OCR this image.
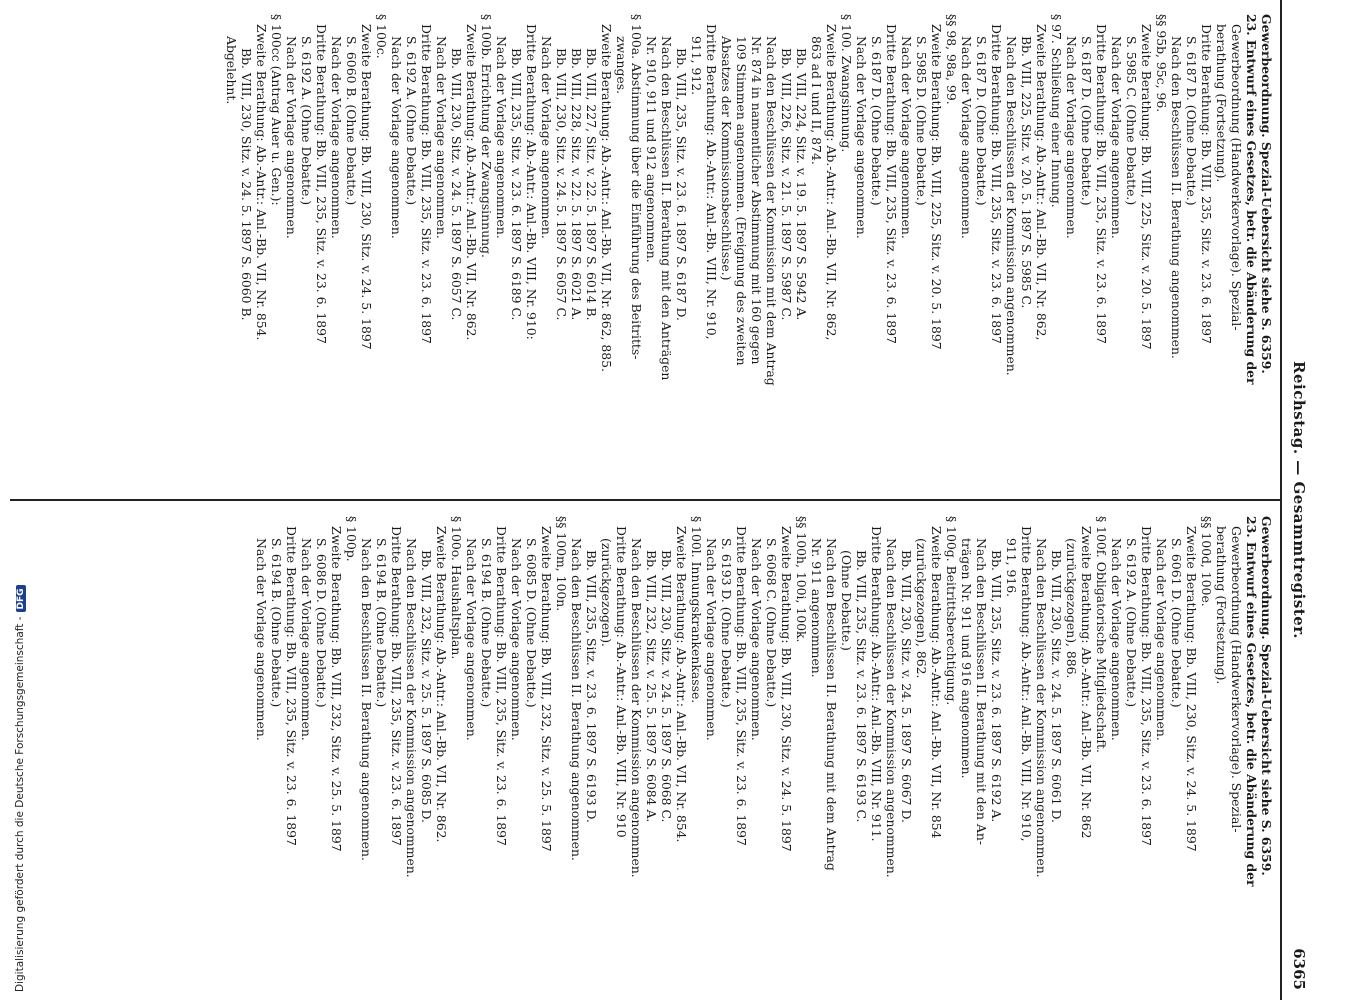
Reichstag. — Gesammtregister.
6365
Gewerbeordnung. Spezial-Uebersicht siehe S. 6359.
23. Entwurf eines Gesetzes, betr. die Abänderung der
Gewerbeordnung (Handwerkervorlage). Spezial-
berathung (Fortsetzung).
Dritte Berathung: Bb. VIII, 235, Sitz. v. 23. 6. 1897
S. 6187 D. (Ohne Debatte.)
Nach den Beschlüssen II. Berathung angenommen.
§§ 95b, 95c, 96.
Zweite Berathung: Bb. VIII, 225, Sitz. v. 20. 5. 1897
S. 5985 C. (Ohne Debatte.)
Nach der Vorlage angenommen.
Dritte Berathung: Bb. VIII, 235, Sitz. v. 23. 6. 1897
S. 6187 D. (Ohne Debatte.)
Nach der Vorlage angenommen.
§ 97. Schließung einer Innung.
Zweite Berathung: Ab.-Antr.: Anl.-Bb. VII, Nr. 862,
Bb. VIII, 225, Sitz. v. 20. 5. 1897 S. 5985 C.
Nach den Beschlüssen der Kommission angenommen.
Dritte Berathung: Bb. VIII, 235, Sitz. v. 23. 6. 1897
S. 6187 D. (Ohne Debatte.)
Nach der Vorlage angenommen.
§§ 98, 98a, 99.
Zweite Berathung: Bb. VIII, 225, Sitz. v. 20. 5. 1897
S. 5985 D. (Ohne Debatte.)
Nach der Vorlage angenommen.
Dritte Berathung: Bb. VIII, 235, Sitz. v. 23. 6. 1897
S. 6187 D. (Ohne Debatte.)
Nach der Vorlage angenommen.
§ 100. Zwangsinnung.
Zweite Berathung: Ab.-Antr.: Anl.-Bb. VII, Nr. 862,
863 ad I und II, 874.
Bb. VIII, 224, Sitz. v. 19. 5. 1897 S. 5942 A.
Bb. VIII, 226, Sitz. v. 21. 5. 1897 S. 5987 C.
Nach den Beschlüssen der Kommission mit dem Antrag
Nr. 874 in namentlicher Abstimmung mit 160 gegen
109 Stimmen angenommen. (Ereignung des zweiten
Absatzes der Kommissionsbeschlüsse.)
Dritte Berathung: Ab.-Antr.: Anl.-Bb. VIII, Nr. 910,
911, 912.
Bb. VIII, 235, Sitz. v. 23. 6. 1897 S. 6187 D.
Nach den Beschlüssen II. Berathung mit den Anträgen
Nr. 910, 911 und 912 angenommen.
§ 100a. Abstimmung über die Einführung des Beitritts-
zwanges.
Zweite Berathung: Ab.-Antr.: Anl.-Bb. VII, Nr. 862, 885.
Bb. VIII, 227, Sitz. v. 22. 5. 1897 S. 6014 B.
Bb. VIII, 228, Sitz. v. 22. 5. 1897 S. 6021 A.
Bb. VIII, 230, Sitz. v. 24. 5. 1897 S. 6057 C.
Nach der Vorlage angenommen.
Dritte Berathung: Ab.-Antr.: Anl.-Bb. VIII, Nr. 910:
Bb. VIII, 235, Sitz. v. 23. 6. 1897 S. 6189 C.
Nach der Vorlage angenommen.
§ 100b. Errichtung der Zwangsinnung.
Zweite Berathung: Ab.-Antr.: Anl.-Bb. VII, Nr. 862.
Bb. VIII, 230, Sitz. v. 24. 5. 1897 S. 6057 C.
Nach der Vorlage angenommen.
Dritte Berathung: Bb. VIII, 235, Sitz. v. 23. 6. 1897
S. 6192 A. (Ohne Debatte.)
Nach der Vorlage angenommen.
§ 100c.
Zweite Berathung: Bb. VIII, 230, Sitz. v. 24. 5. 1897
S. 6060 B. (Ohne Debatte.)
Nach der Vorlage angenommen.
Dritte Berathung: Bb. VIII, 235, Sitz. v. 23. 6. 1897
S. 6192 A. (Ohne Debatte.)
Nach der Vorlage angenommen.
§ 100cc (Antrag Auer u. Gen.):
Zweite Berathung: Ab.-Antr.: Anl.-Bb. VII, Nr. 854.
Bb. VIII, 230, Sitz. v. 24. 5. 1897 S. 6060 B.
Abgelehnt.
Gewerbeordnung. Spezial-Uebersicht siehe S. 6359.
23. Entwurf eines Gesetzes, betr. die Abänderung der
Gewerbeordnung (Handwerkervorlage). Spezial-
berathung (Fortsetzung).
§§ 100d, 100e.
Zweite Berathung: Bb. VIII, 230, Sitz. v. 24. 5. 1897
S. 6061 D. (Ohne Debatte.)
Nach der Vorlage angenommen.
Dritte Berathung: Bb. VIII, 235, Sitz. v. 23. 6. 1897
S. 6192 A. (Ohne Debatte.)
Nach der Vorlage angenommen.
§ 100f. Obligatorische Mitgliedschaft.
Zweite Berathung: Ab.-Antr.: Anl.-Bb. VII, Nr. 862
(zurückgezogen), 886.
Bb. VIII, 230, Sitz. v. 24. 5. 1897 S. 6061 D.
Nach den Beschlüssen der Kommission angenommen.
Dritte Berathung: Ab.-Antr.: Anl.-Bb. VIII, Nr. 910,
911, 916.
Bb. VIII, 235, Sitz. v. 23. 6. 1897 S. 6192 A.
Nach den Beschlüssen II. Berathung mit den An-
trägen Nr. 911 und 916 angenommen.
§ 100g. Beitrittsberechtigung.
Zweite Berathung: Ab.-Antr.: Anl.-Bb. VII, Nr. 854
(zurückgezogen), 862.
Bb. VIII, 230, Sitz. v. 24. 5. 1897 S. 6067 D.
Nach den Beschlüssen der Kommission angenommen.
Dritte Berathung: Ab.-Antr.: Anl.-Bb. VIII, Nr. 911.
Bb. VIII, 235, Sitz. v. 23. 6. 1897 S. 6193 C.
(Ohne Debatte.)
Nach den Beschlüssen II. Berathung mit dem Antrag
Nr. 911 angenommen.
§§ 100h, 100i, 100k.
Zweite Berathung: Bb. VIII, 230, Sitz. v. 24. 5. 1897
S. 6068 C. (Ohne Debatte.)
Nach der Vorlage angenommen.
Dritte Berathung: Bb. VIII, 235, Sitz. v. 23. 6. 1897
S. 6193 D. (Ohne Debatte.)
Nach der Vorlage angenommen.
§ 100l. Innungskrankenkasse.
Zweite Berathung: Ab.-Antr.: Anl.-Bb. VII, Nr. 854.
Bb. VIII, 230, Sitz. v. 24. 5. 1897 S. 6068 C.
Bb. VIII, 232, Sitz. v. 25. 5. 1897 S. 6084 A.
Nach den Beschlüssen der Kommission angenommen.
Dritte Berathung: Ab.-Antr.: Anl.-Bb. VIII, Nr. 910
(zurückgezogen).
Bb. VIII, 235, Sitz. v. 23. 6. 1897 S. 6193 D.
Nach den Beschlüssen II. Berathung angenommen.
§§ 100m, 100n.
Zweite Berathung: Bb. VIII, 232, Sitz. v. 25. 5. 1897
S. 6085 D. (Ohne Debatte.)
Nach der Vorlage angenommen.
Dritte Berathung: Bb. VIII, 235, Sitz. v. 23. 6. 1897
S. 6194 B. (Ohne Debatte.)
Nach der Vorlage angenommen.
§ 100o. Haushaltsplan.
Zweite Berathung: Ab.-Antr.: Anl.-Bb. VII, Nr. 862.
Bb. VIII, 232, Sitz. v. 25. 5. 1897 S. 6085 D.
Nach den Beschlüssen der Kommission angenommen.
Dritte Berathung: Bb. VIII, 235, Sitz. v. 23. 6. 1897
S. 6194 B. (Ohne Debatte.)
Nach den Beschlüssen II. Berathung angenommen.
§ 100p.
Zweite Berathung: Bb. VIII, 232, Sitz. v. 25. 5. 1897
S. 6086 D. (Ohne Debatte.)
Nach der Vorlage angenommen.
Dritte Berathung: Bb. VIII, 235, Sitz. v. 23. 6. 1897
S. 6194 B. (Ohne Debatte.)
Nach der Vorlage angenommen.
Digitalisierung gefördert durch die Deutsche Forschungsgemeinschaft -DFG
